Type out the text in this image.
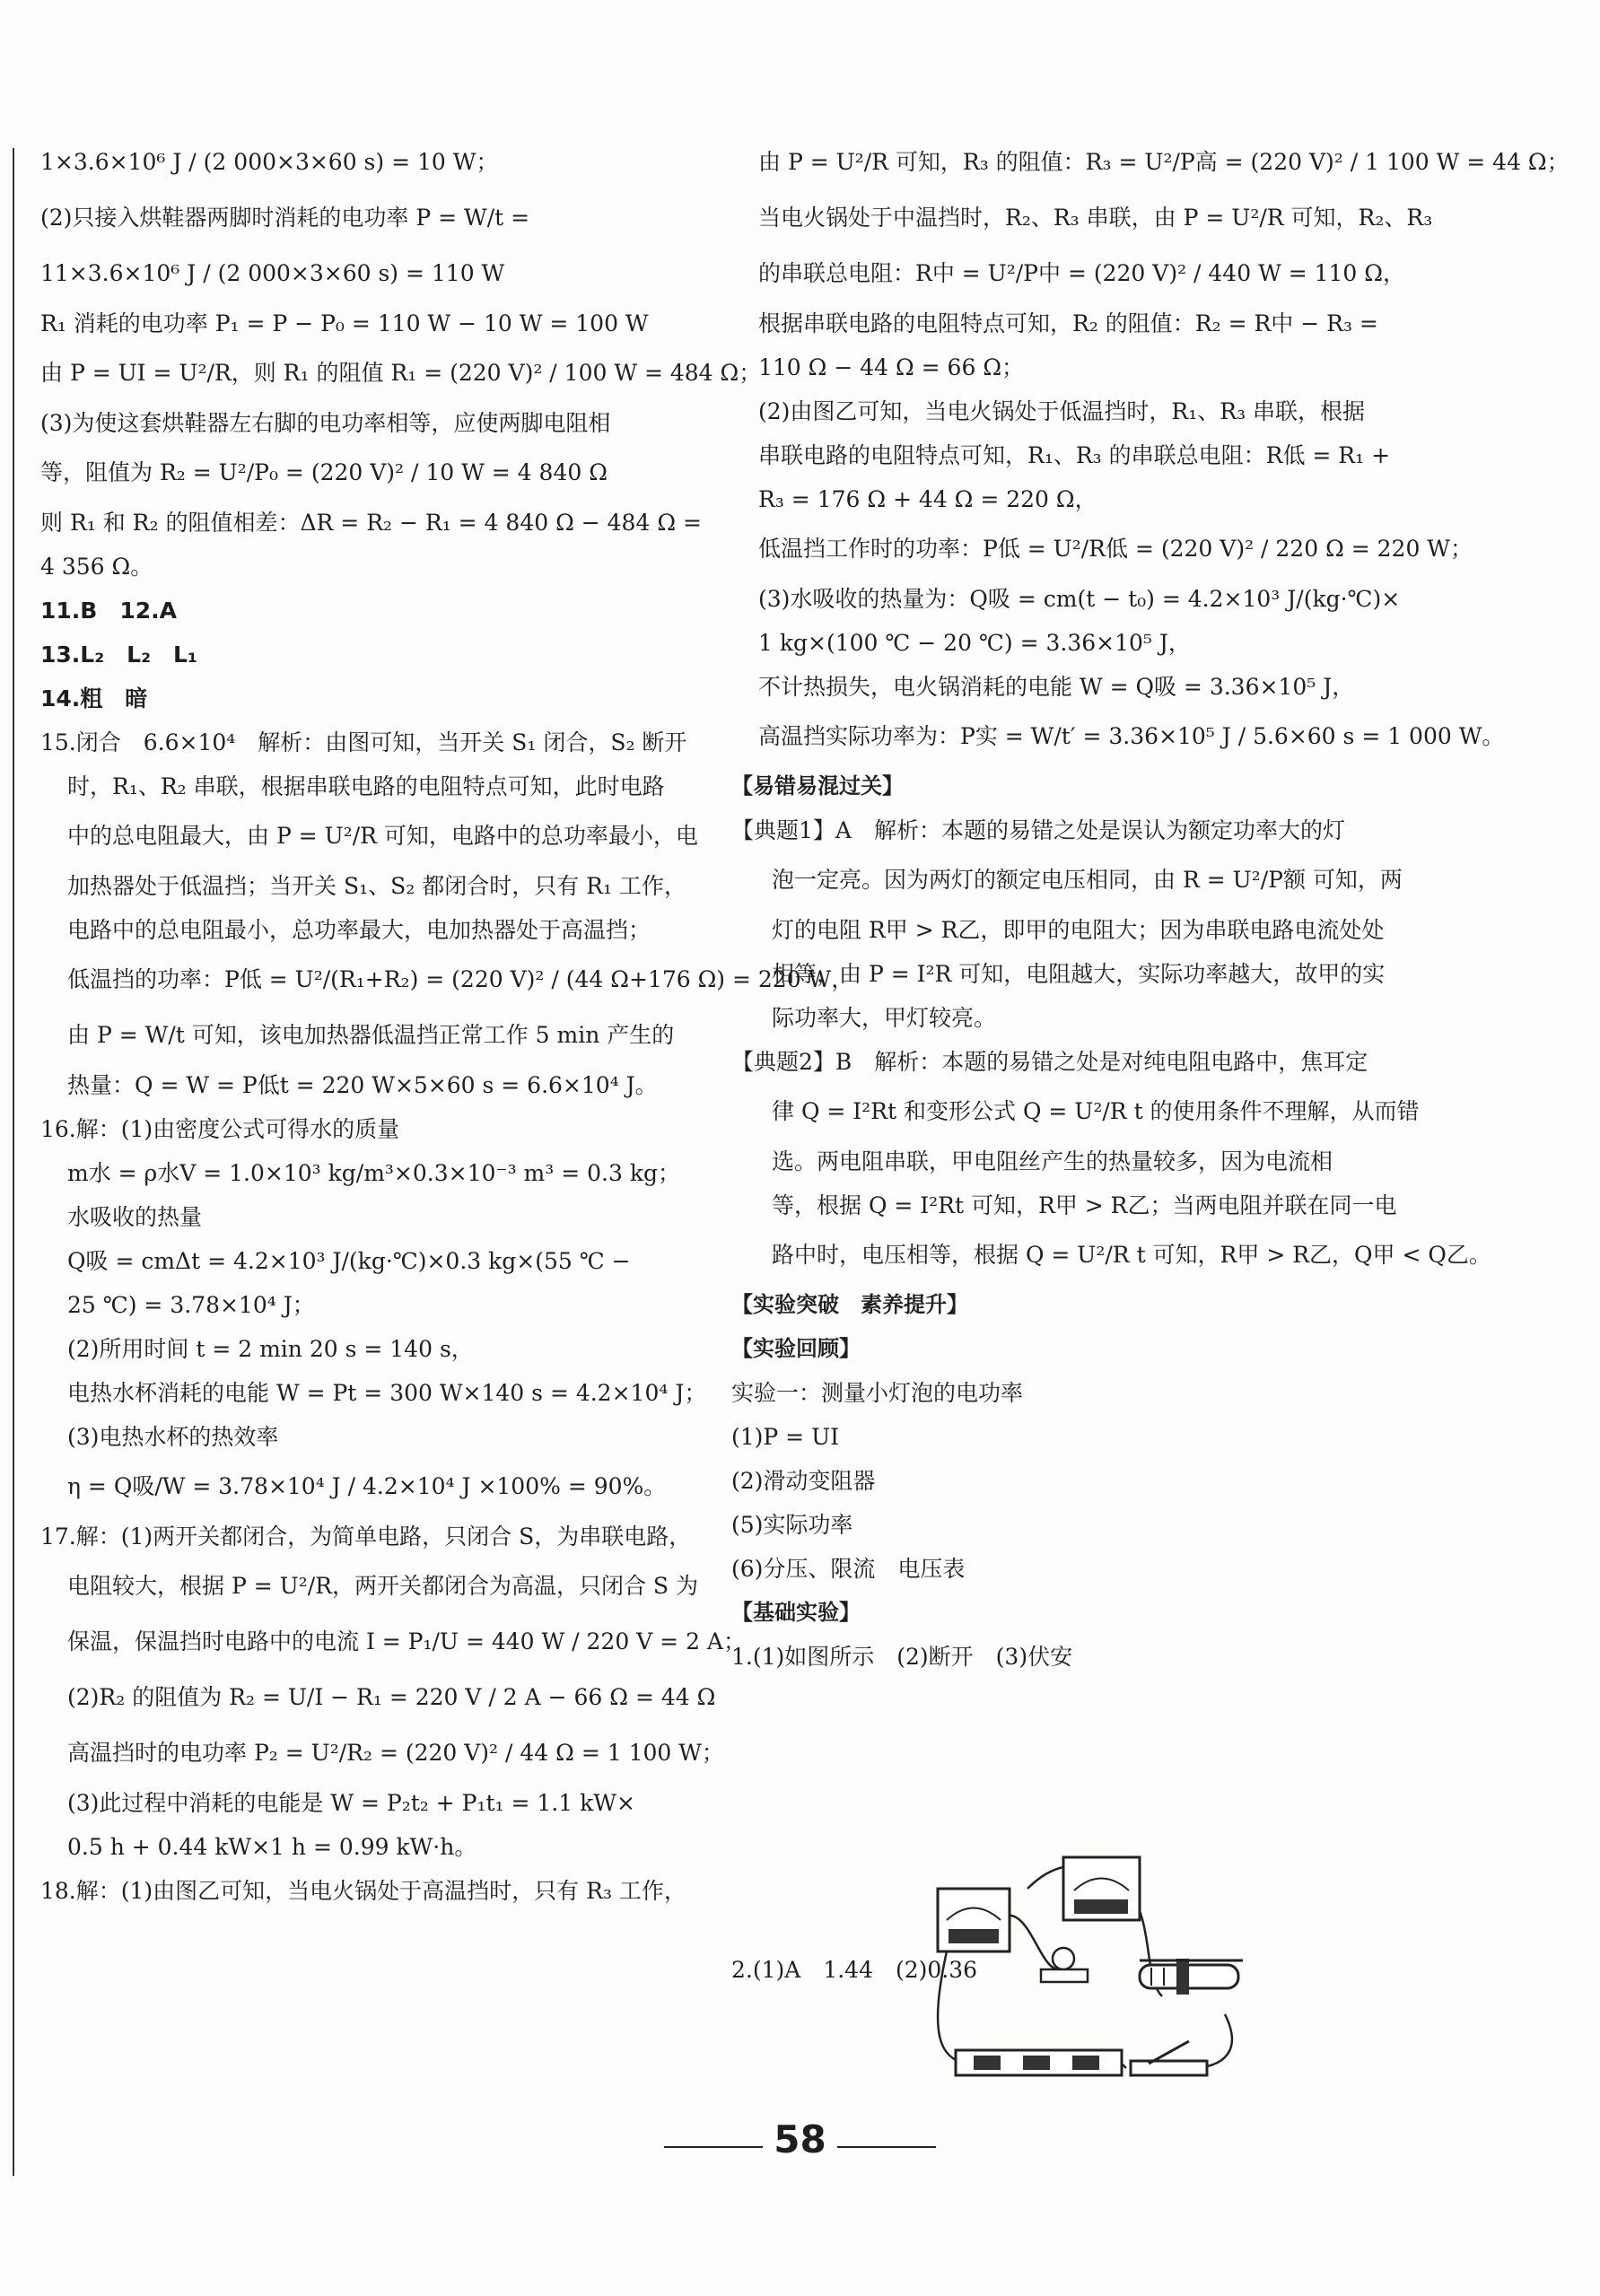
1×3.6×10⁶ J / (2 000×3×60 s) = 10 W；
(2)只接入烘鞋器两脚时消耗的电功率 P = W/t =
11×3.6×10⁶ J / (2 000×3×60 s) = 110 W
R₁ 消耗的电功率 P₁ = P − P₀ = 110 W − 10 W = 100 W
由 P = UI = U²/R，则 R₁ 的阻值 R₁ = (220 V)² / 100 W = 484 Ω；
(3)为使这套烘鞋器左右脚的电功率相等，应使两脚电阻相
等，阻值为 R₂ = U²/P₀ = (220 V)² / 10 W = 4 840 Ω
则 R₁ 和 R₂ 的阻值相差：ΔR = R₂ − R₁ = 4 840 Ω − 484 Ω =
4 356 Ω。
11.B　12.A
13.L₂　L₂　L₁
14.粗　暗
15.闭合　6.6×10⁴　解析：由图可知，当开关 S₁ 闭合，S₂ 断开
时，R₁、R₂ 串联，根据串联电路的电阻特点可知，此时电路
中的总电阻最大，由 P = U²/R 可知，电路中的总功率最小，电
加热器处于低温挡；当开关 S₁、S₂ 都闭合时，只有 R₁ 工作，
电路中的总电阻最小，总功率最大，电加热器处于高温挡；
低温挡的功率：P低 = U²/(R₁+R₂) = (220 V)² / (44 Ω+176 Ω) = 220 W，
由 P = W/t 可知，该电加热器低温挡正常工作 5 min 产生的
热量：Q = W = P低t = 220 W×5×60 s = 6.6×10⁴ J。
16.解：(1)由密度公式可得水的质量
m水 = ρ水V = 1.0×10³ kg/m³×0.3×10⁻³ m³ = 0.3 kg；
水吸收的热量
Q吸 = cmΔt = 4.2×10³ J/(kg·℃)×0.3 kg×(55 ℃ −
25 ℃) = 3.78×10⁴ J；
(2)所用时间 t = 2 min 20 s = 140 s，
电热水杯消耗的电能 W = Pt = 300 W×140 s = 4.2×10⁴ J；
(3)电热水杯的热效率
η = Q吸/W = 3.78×10⁴ J / 4.2×10⁴ J ×100% = 90%。
17.解：(1)两开关都闭合，为简单电路，只闭合 S，为串联电路，
电阻较大，根据 P = U²/R，两开关都闭合为高温，只闭合 S 为
保温，保温挡时电路中的电流 I = P₁/U = 440 W / 220 V = 2 A；
(2)R₂ 的阻值为 R₂ = U/I − R₁ = 220 V / 2 A − 66 Ω = 44 Ω
高温挡时的电功率 P₂ = U²/R₂ = (220 V)² / 44 Ω = 1 100 W；
(3)此过程中消耗的电能是 W = P₂t₂ + P₁t₁ = 1.1 kW×
0.5 h + 0.44 kW×1 h = 0.99 kW·h。
18.解：(1)由图乙可知，当电火锅处于高温挡时，只有 R₃ 工作，
由 P = U²/R 可知，R₃ 的阻值：R₃ = U²/P高 = (220 V)² / 1 100 W = 44 Ω；
当电火锅处于中温挡时，R₂、R₃ 串联，由 P = U²/R 可知，R₂、R₃
的串联总电阻：R中 = U²/P中 = (220 V)² / 440 W = 110 Ω，
根据串联电路的电阻特点可知，R₂ 的阻值：R₂ = R中 − R₃ =
110 Ω − 44 Ω = 66 Ω；
(2)由图乙可知，当电火锅处于低温挡时，R₁、R₃ 串联，根据
串联电路的电阻特点可知，R₁、R₃ 的串联总电阻：R低 = R₁ +
R₃ = 176 Ω + 44 Ω = 220 Ω，
低温挡工作时的功率：P低 = U²/R低 = (220 V)² / 220 Ω = 220 W；
(3)水吸收的热量为：Q吸 = cm(t − t₀) = 4.2×10³ J/(kg·℃)×
1 kg×(100 ℃ − 20 ℃) = 3.36×10⁵ J，
不计热损失，电火锅消耗的电能 W = Q吸 = 3.36×10⁵ J，
高温挡实际功率为：P实 = W/t′ = 3.36×10⁵ J / 5.6×60 s = 1 000 W。
【易错易混过关】
【典题1】A　解析：本题的易错之处是误认为额定功率大的灯
泡一定亮。因为两灯的额定电压相同，由 R = U²/P额 可知，两
灯的电阻 R甲 > R乙，即甲的电阻大；因为串联电路电流处处
相等，由 P = I²R 可知，电阻越大，实际功率越大，故甲的实
际功率大，甲灯较亮。
【典题2】B　解析：本题的易错之处是对纯电阻电路中，焦耳定
律 Q = I²Rt 和变形公式 Q = U²/R t 的使用条件不理解，从而错
选。两电阻串联，甲电阻丝产生的热量较多，因为电流相
等，根据 Q = I²Rt 可知，R甲 > R乙；当两电阻并联在同一电
路中时，电压相等，根据 Q = U²/R t 可知，R甲 > R乙，Q甲 < Q乙。
【实验突破　素养提升】
【实验回顾】
实验一：测量小灯泡的电功率
(1)P = UI
(2)滑动变阻器
(5)实际功率
(6)分压、限流　电压表
【基础实验】
1.(1)如图所示　(2)断开　(3)伏安
2.(1)A　1.44　(2)0.36
58
